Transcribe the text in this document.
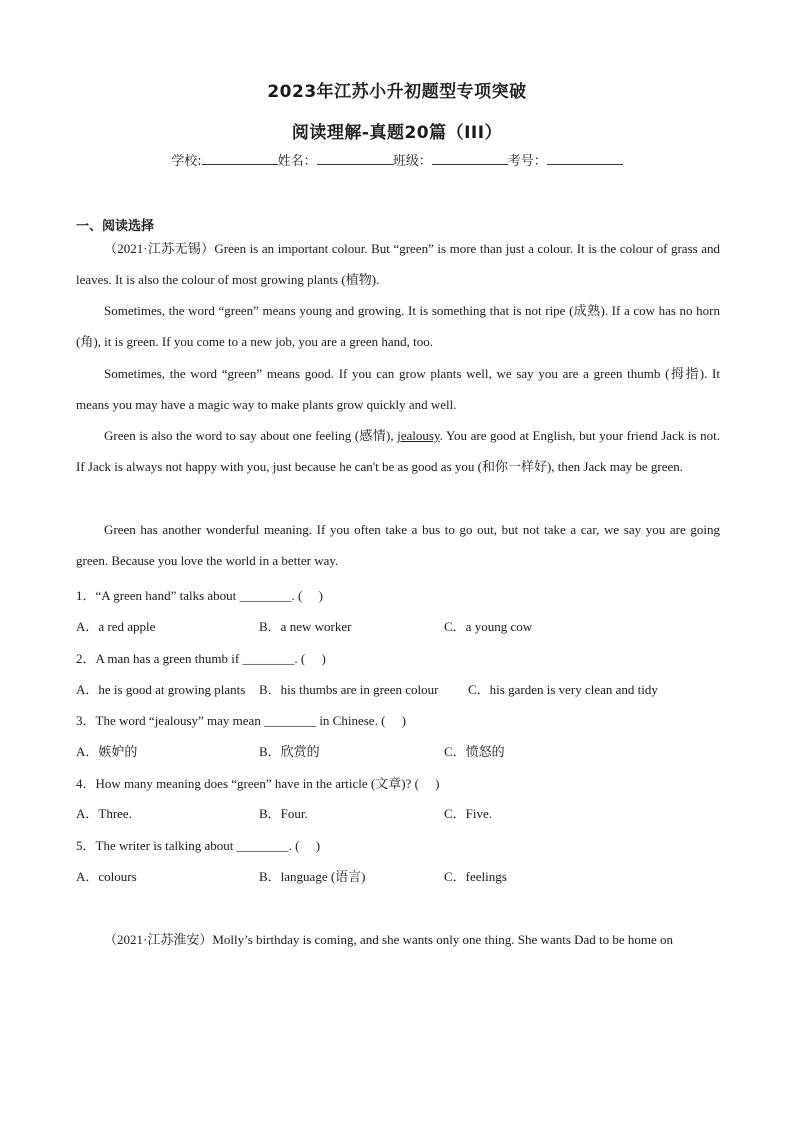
2023年江苏小升初题型专项突破
阅读理解-真题20篇（III）
学校:	姓名：	班级：	考号：
一、阅读选择
（2021·江苏无锡）Green is an important colour. But “green” is more than just a colour. It is the colour of grass and leaves. It is also the colour of most growing plants (植物).
Sometimes, the word “green” means young and growing. It is something that is not ripe (成熟). If a cow has no horn (角), it is green. If you come to a new job, you are a green hand, too.
Sometimes, the word “green” means good. If you can grow plants well, we say you are a green thumb (拇指). It means you may have a magic way to make plants grow quickly and well.
Green is also the word to say about one feeling (感情), jealousy. You are good at English, but your friend Jack is not. If Jack is always not happy with you, just because he can't be as good as you (和你一样好), then Jack may be green.
Green has another wonderful meaning. If you often take a bus to go out, but not take a car, we say you are going green. Because you love the world in a better way.
1．“A green hand” talks about ________. (　 )
A．a red apple	B．a new worker	C．a young cow
2．A man has a green thumb if ________. (　 )
A．he is good at growing plants B．his thumbs are in green colour C．his garden is very clean and tidy
3．The word “jealousy” may mean ________ in Chinese. (　 )
A．嫉妒的	B．欣赏的	C．愤怒的
4．How many meaning does “green” have in the article (文章)? (　 )
A．Three.	B．Four.	C．Five.
5．The writer is talking about ________. (　 )
A．colours	B．language (语言)	C．feelings
（2021·江苏淮安）Molly’s birthday is coming, and she wants only one thing. She wants Dad to be home on
